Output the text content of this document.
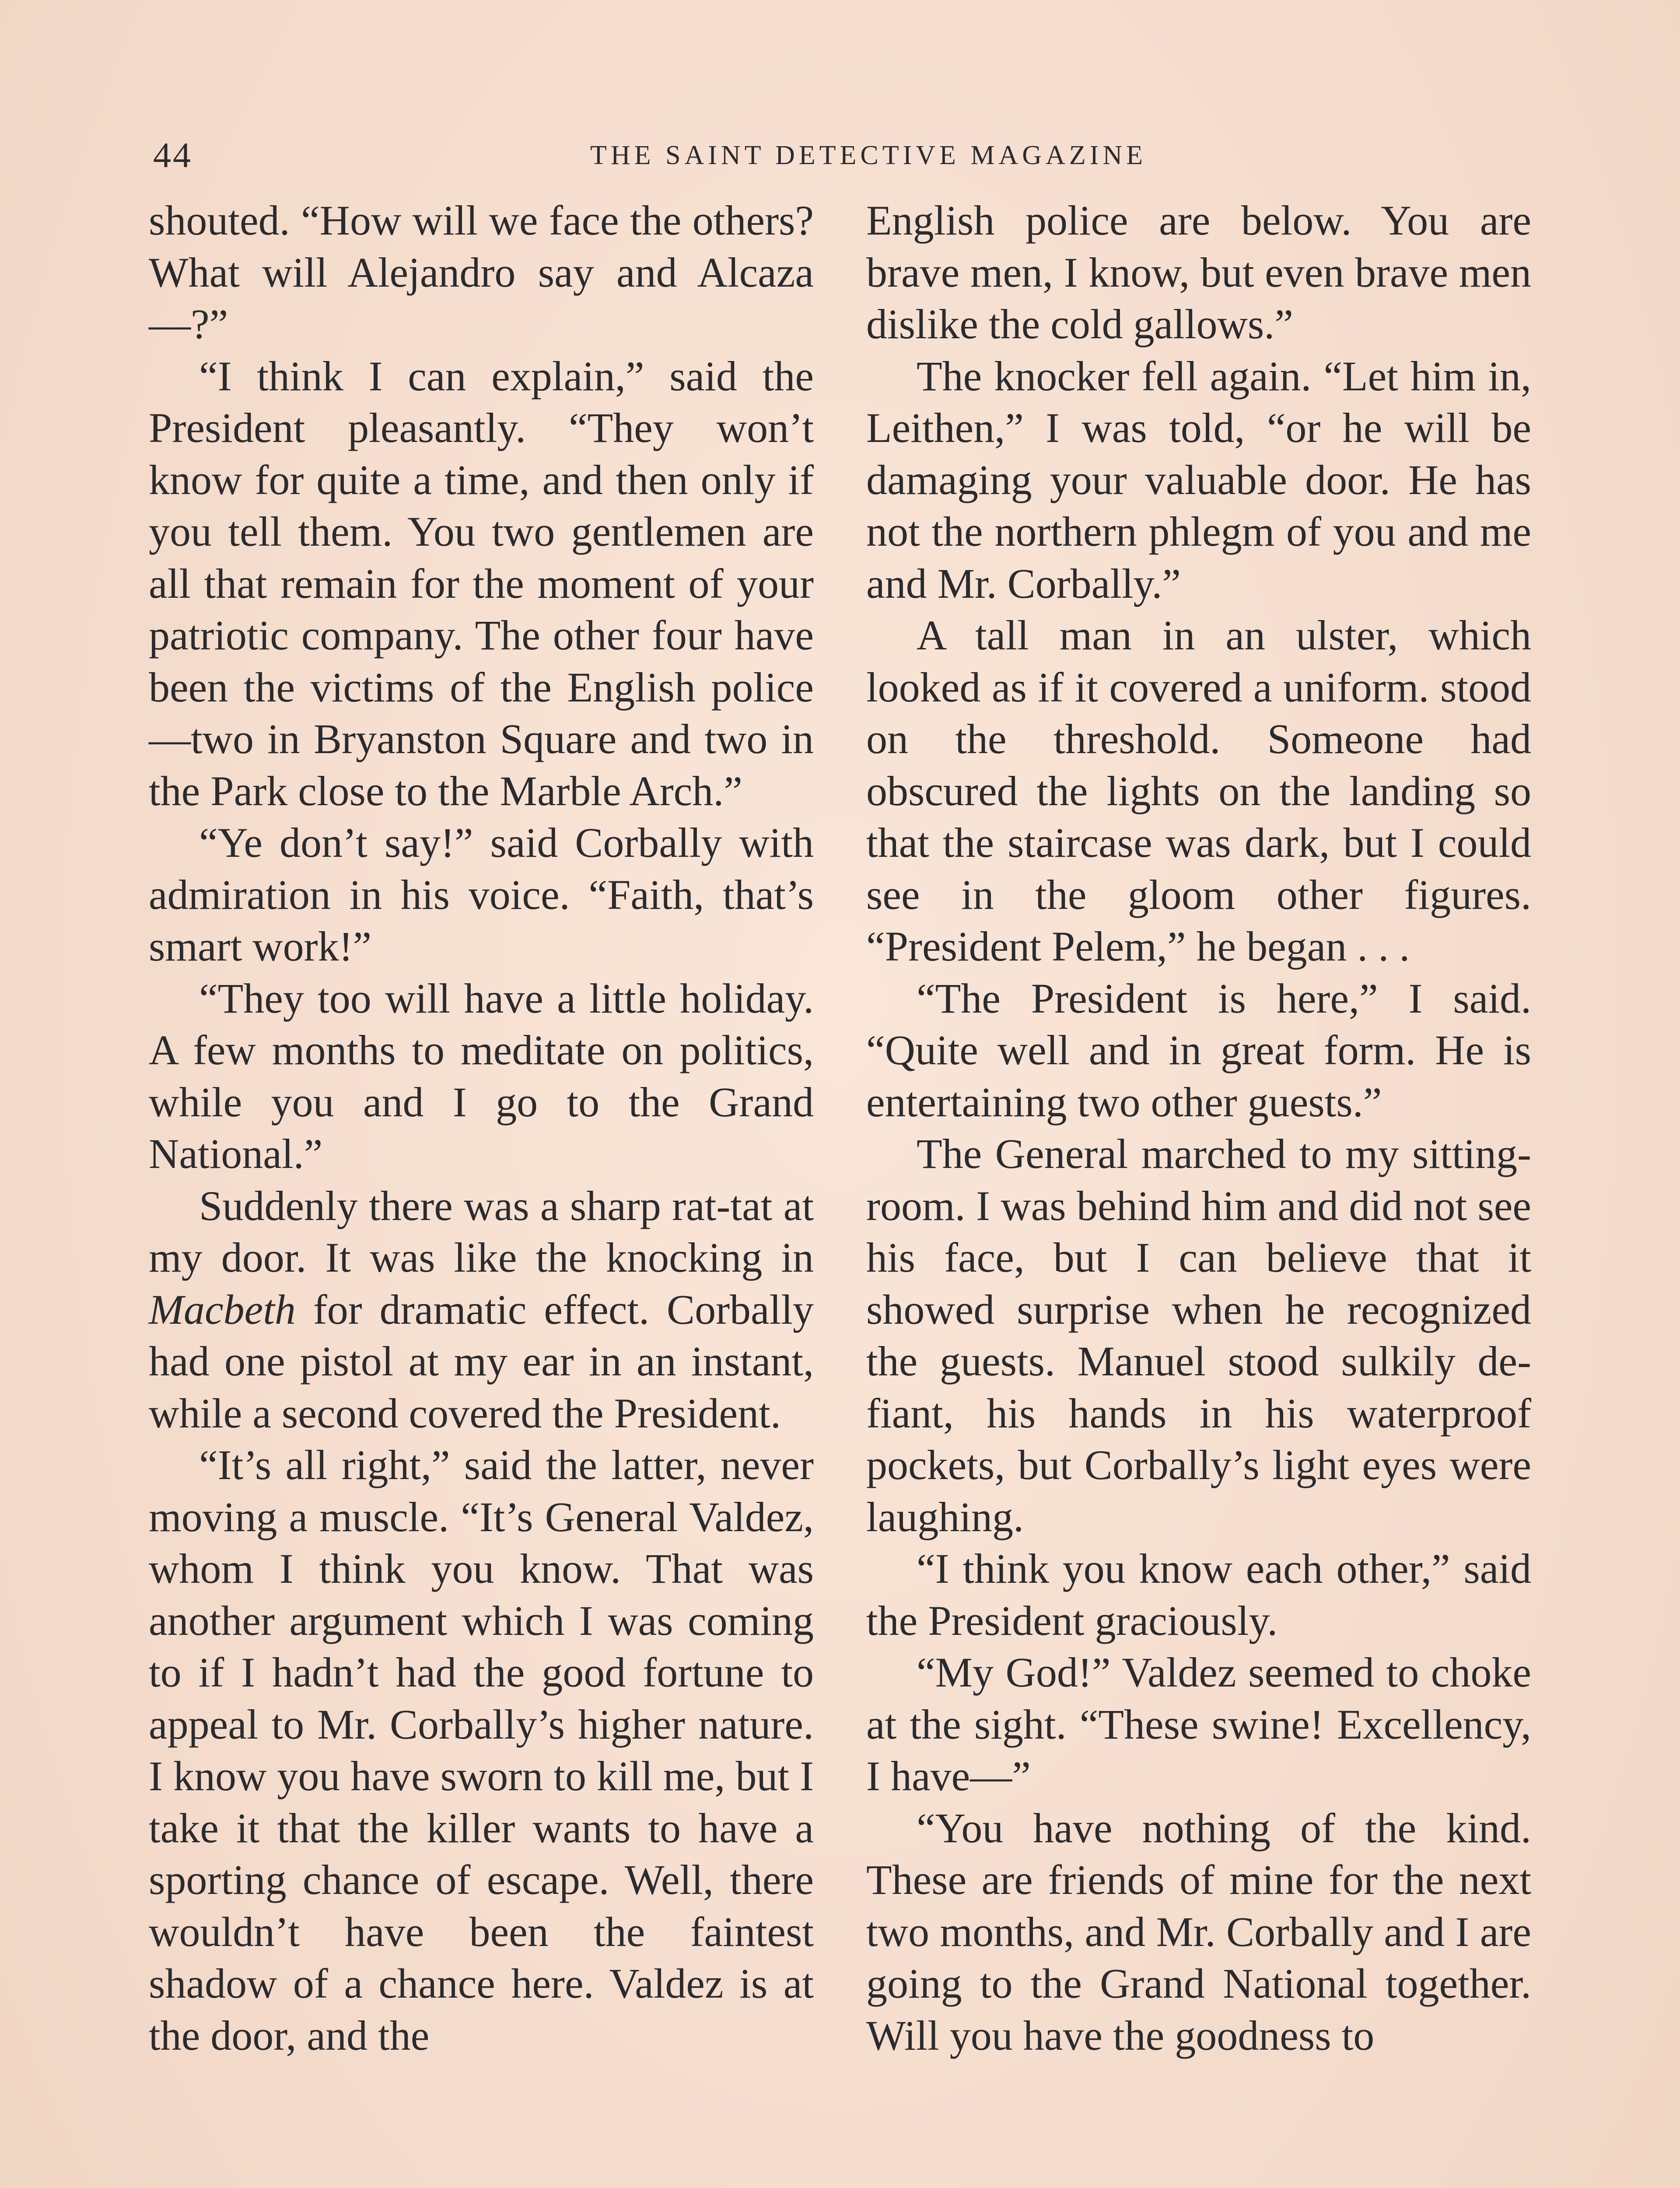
44	THE SAINT DETECTIVE MAGAZINE

shouted. “How will we face the others? What will Alejandro say and Alcaza—?”

“I think I can explain,” said the President pleasantly. “They won’t know for quite a time, and then only if you tell them. You two gentlemen are all that remain for the moment of your patriotic company. The other four have been the victims of the English police—two in Bryanston Square and two in the Park close to the Marble Arch.”

“Ye don’t say!” said Corbally with admiration in his voice. “Faith, that’s smart work!”

“They too will have a little holiday. A few months to meditate on politics, while you and I go to the Grand National.”

Suddenly there was a sharp rat-tat at my door. It was like the knocking in Macbeth for dramatic effect. Corbally had one pistol at my ear in an instant, while a second covered the President.

“It’s all right,” said the latter, never moving a muscle. “It’s General Valdez, whom I think you know. That was another argument which I was coming to if I hadn’t had the good fortune to appeal to Mr. Corbally’s higher nature. I know you have sworn to kill me, but I take it that the killer wants to have a sporting chance of escape. Well, there wouldn’t have been the faintest shadow of a chance here. Valdez is at the door, and the

English police are below. You are brave men, I know, but even brave men dislike the cold gallows.”

The knocker fell again. “Let him in, Leithen,” I was told, “or he will be damaging your valuable door. He has not the northern phlegm of you and me and Mr. Corbally.”

A tall man in an ulster, which looked as if it covered a uniform. stood on the threshold. Someone had obscured the lights on the landing so that the staircase was dark, but I could see in the gloom other figures. “President Pelem,” he began . . .

“The President is here,” I said. “Quite well and in great form. He is entertaining two other guests.”

The General marched to my sitting-room. I was behind him and did not see his face, but I can believe that it showed surprise when he recognized the guests. Manuel stood sulkily defiant, his hands in his waterproof pockets, but Corbally’s light eyes were laughing.

“I think you know each other,” said the President graciously.

“My God!” Valdez seemed to choke at the sight. “These swine! Excellency, I have—”

“You have nothing of the kind. These are friends of mine for the next two months, and Mr. Corbally and I are going to the Grand National together. Will you have the goodness to
